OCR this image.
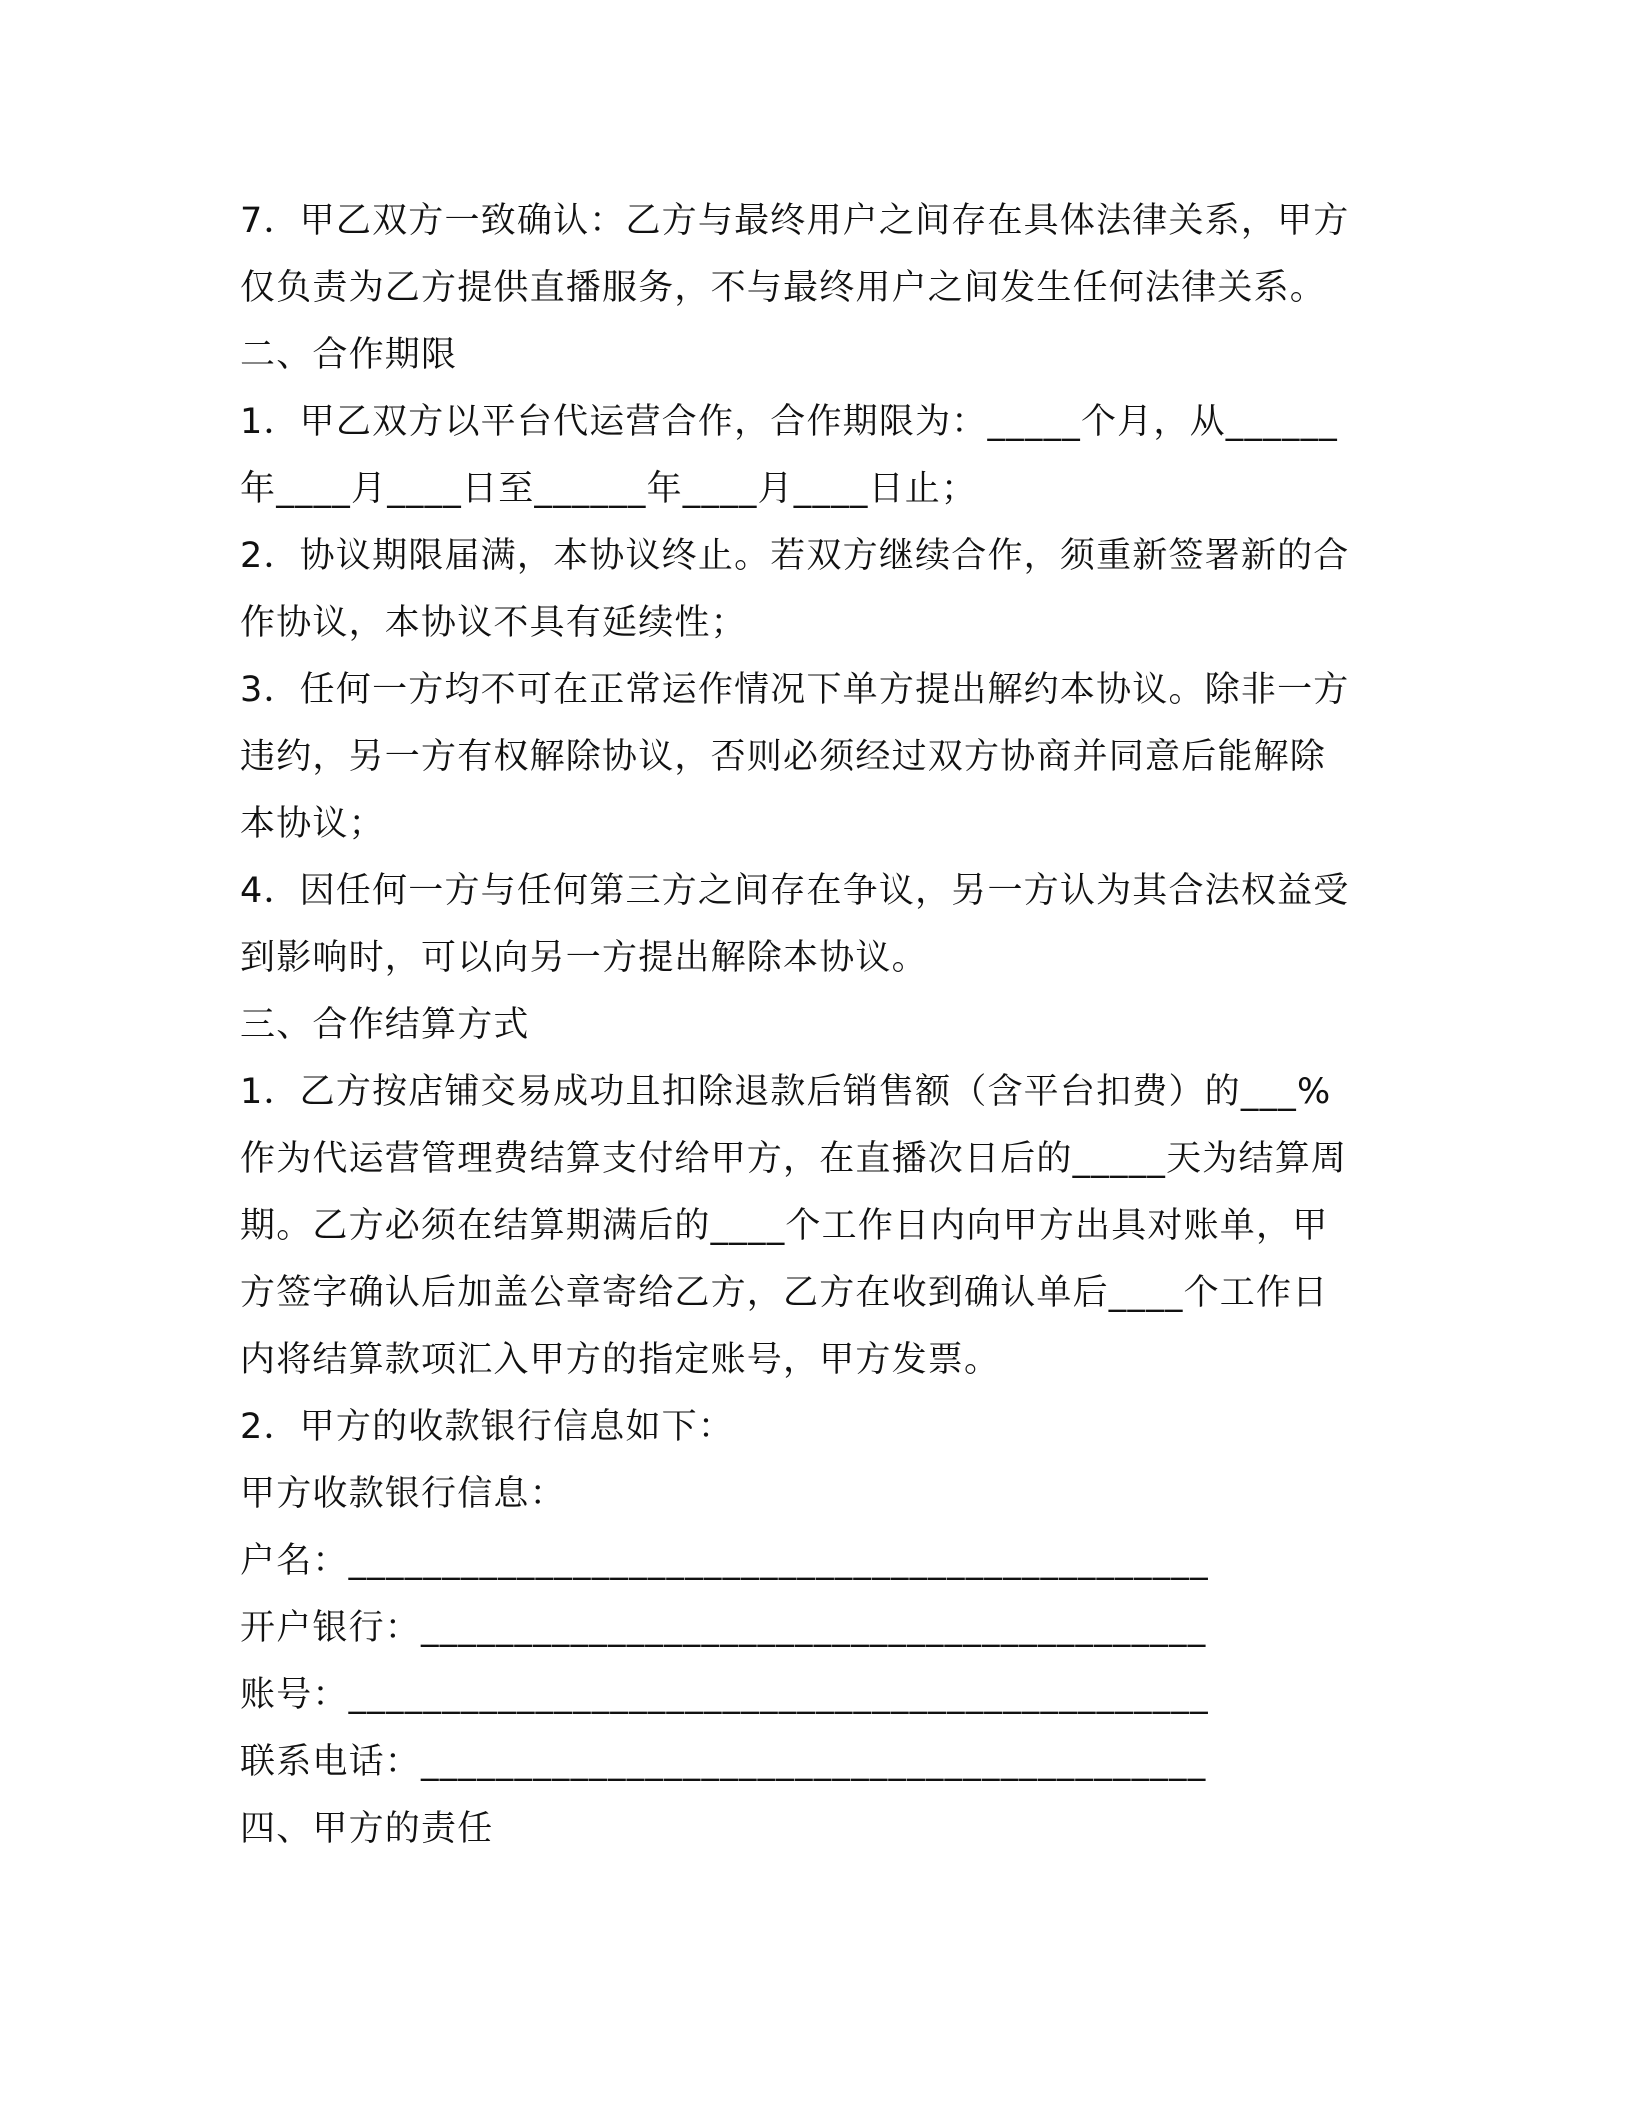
7．甲乙双方一致确认：乙方与最终用户之间存在具体法律关系，甲方
仅负责为乙方提供直播服务，不与最终用户之间发生任何法律关系。
二、合作期限
1．甲乙双方以平台代运营合作，合作期限为：_____个月，从______
年____月____日至______年____月____日止；
2．协议期限届满，本协议终止。若双方继续合作，须重新签署新的合
作协议，本协议不具有延续性；
3．任何一方均不可在正常运作情况下单方提出解约本协议。除非一方
违约，另一方有权解除协议，否则必须经过双方协商并同意后能解除
本协议；
4．因任何一方与任何第三方之间存在争议，另一方认为其合法权益受
到影响时，可以向另一方提出解除本协议。
三、合作结算方式
1．乙方按店铺交易成功且扣除退款后销售额（含平台扣费）的___%
作为代运营管理费结算支付给甲方，在直播次日后的_____天为结算周
期。乙方必须在结算期满后的____个工作日内向甲方出具对账单，甲
方签字确认后加盖公章寄给乙方，乙方在收到确认单后____个工作日
内将结算款项汇入甲方的指定账号，甲方发票。
2．甲方的收款银行信息如下：
甲方收款银行信息：
户名：______________________________________________
开户银行：__________________________________________
账号：______________________________________________
联系电话：__________________________________________
四、甲方的责任
